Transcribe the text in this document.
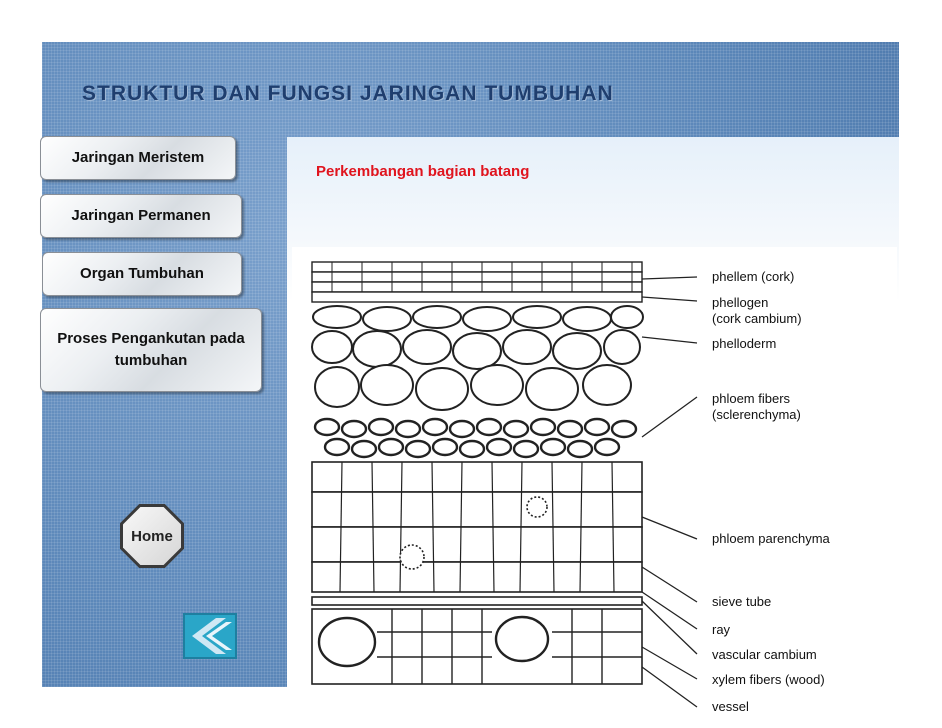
STRUKTUR DAN FUNGSI JARINGAN TUMBUHAN
Perkembangan bagian batang
Jaringan Meristem
Jaringan Permanen
Organ Tumbuhan
Proses Pengankutan pada tumbuhan
Home
phellem (cork)
phellogen
(cork cambium)
phelloderm
phloem fibers
(sclerenchyma)
phloem parenchyma
sieve tube
ray
vascular cambium
xylem fibers (wood)
vessel
